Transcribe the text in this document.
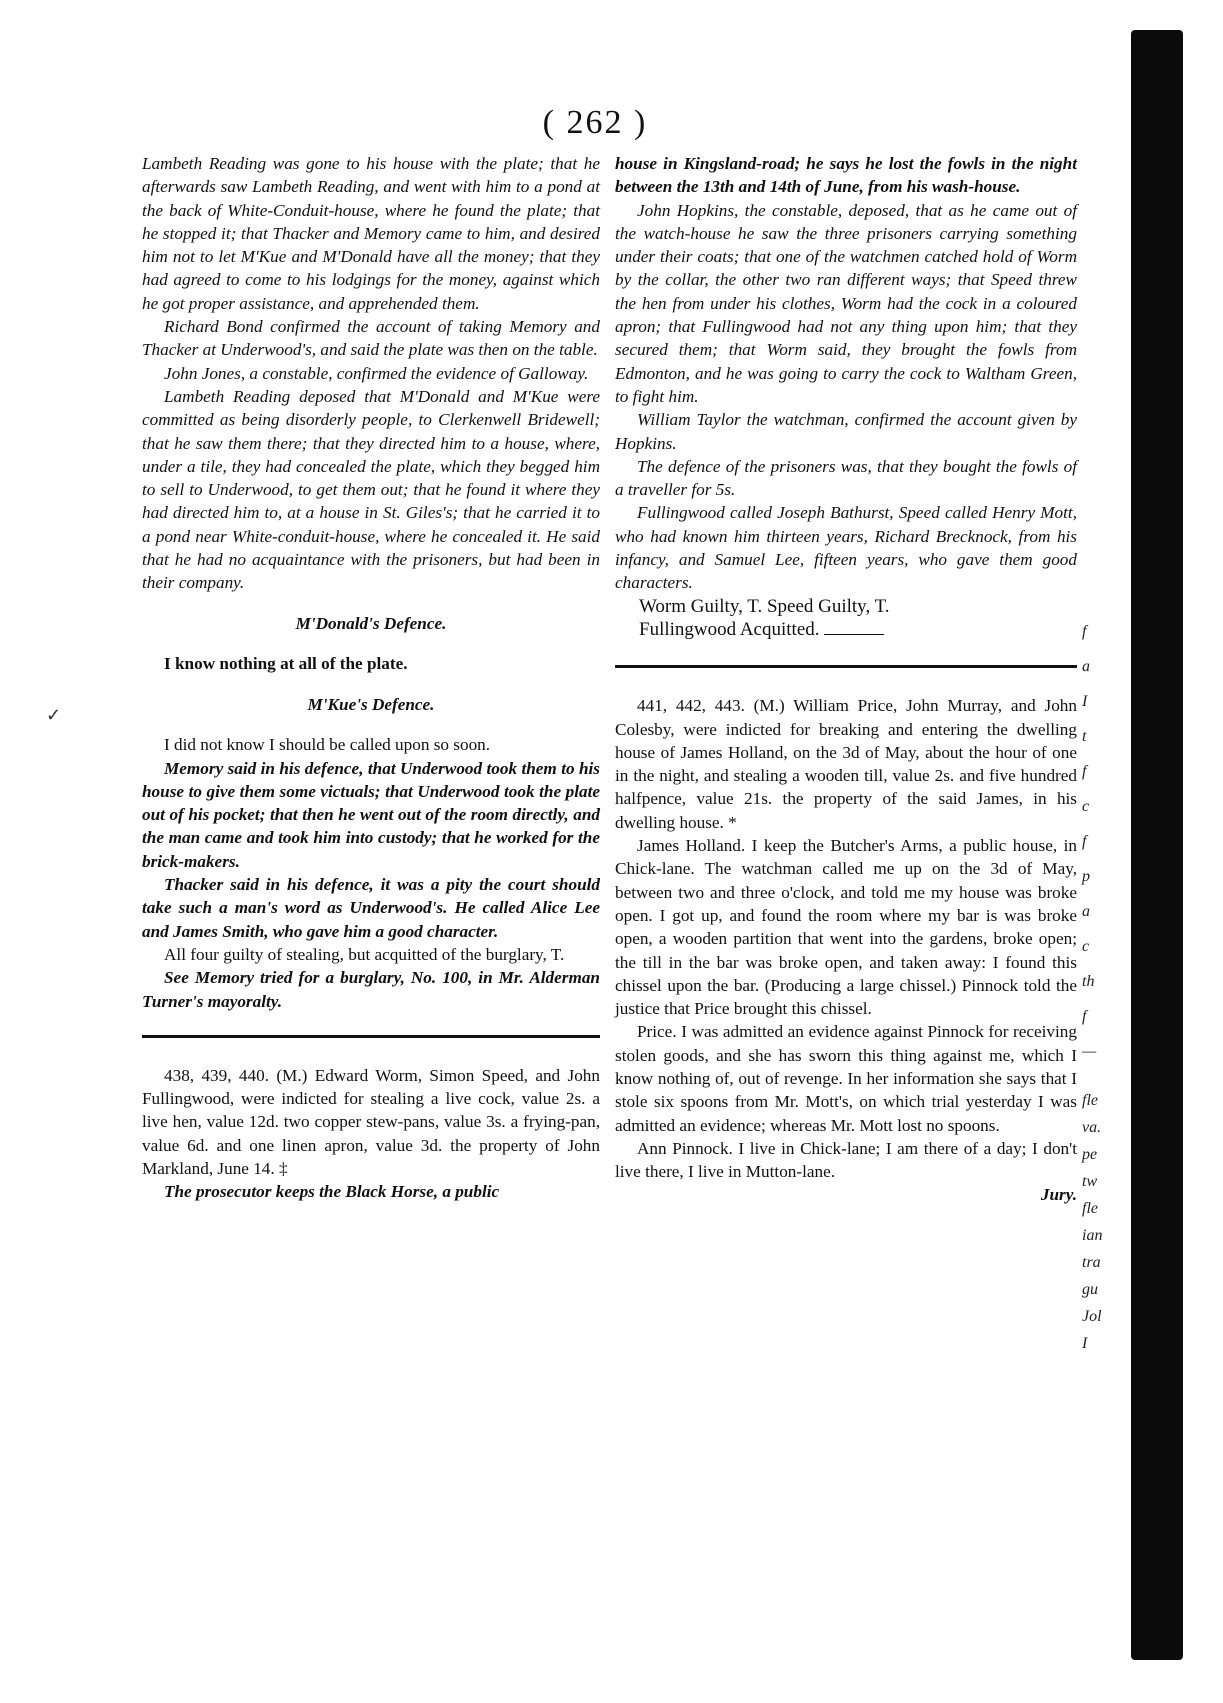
( 262 )

Lambeth Reading was gone to his house with the plate; that he afterwards saw Lambeth Reading, and went with him to a pond at the back of White-Conduit-house, where he found the plate; that he stopped it; that Thacker and Memory came to him, and desired him not to let M'Kue and M'Donald have all the money; that they had agreed to come to his lodgings for the money, against which he got proper assistance, and apprehended them.

Richard Bond confirmed the account of taking Memory and Thacker at Underwood's, and said the plate was then on the table.

John Jones, a constable, confirmed the evidence of Galloway.

Lambeth Reading deposed that M'Donald and M'Kue were committed as being disorderly people, to Clerkenwell Bridewell; that he saw them there; that they directed him to a house, where, under a tile, they had concealed the plate, which they begged him to sell to Underwood, to get them out; that he found it where they had directed him to, at a house in St. Giles's; that he carried it to a pond near White-conduit-house, where he concealed it. He said that he had no acquaintance with the prisoners, but had been in their company.

M'Donald's Defence.

I know nothing at all of the plate.

M'Kue's Defence.

I did not know I should be called upon so soon.

Memory said in his defence, that Underwood took them to his house to give them some victuals; that Underwood took the plate out of his pocket; that then he went out of the room directly, and the man came and took him into custody; that he worked for the brick-makers.

Thacker said in his defence, it was a pity the court should take such a man's word as Underwood's. He called Alice Lee and James Smith, who gave him a good character.

All four guilty of stealing, but acquitted of the burglary, T.

See Memory tried for a burglary, No. 100, in Mr. Alderman Turner's mayoralty.

438, 439, 440. (M.) Edward Worm, Simon Speed, and John Fullingwood, were indicted for stealing a live cock, value 2s. a live hen, value 12d. two copper stew-pans, value 3s. a frying-pan, value 6d. and one linen apron, value 3d. the property of John Markland, June 14. ‡

The prosecutor keeps the Black Horse, a public

house in Kingsland-road; he says he lost the fowls in the night between the 13th and 14th of June, from his wash-house.

John Hopkins, the constable, deposed, that as he came out of the watch-house he saw the three prisoners carrying something under their coats; that one of the watchmen catched hold of Worm by the collar, the other two ran different ways; that Speed threw the hen from under his clothes, Worm had the cock in a coloured apron; that Fullingwood had not any thing upon him; that they secured them; that Worm said, they brought the fowls from Edmonton, and he was going to carry the cock to Waltham Green, to fight him.

William Taylor the watchman, confirmed the account given by Hopkins.

The defence of the prisoners was, that they bought the fowls of a traveller for 5s.

Fullingwood called Joseph Bathurst, Speed called Henry Mott, who had known him thirteen years, Richard Brecknock, from his infancy, and Samuel Lee, fifteen years, who gave them good characters.

Worm Guilty, T. Speed Guilty, T.

Fullingwood Acquitted.

441, 442, 443. (M.) William Price, John Murray, and John Colesby, were indicted for breaking and entering the dwelling house of James Holland, on the 3d of May, about the hour of one in the night, and stealing a wooden till, value 2s. and five hundred halfpence, value 21s. the property of the said James, in his dwelling house. *

James Holland. I keep the Butcher's Arms, a public house, in Chick-lane. The watchman called me up on the 3d of May, between two and three o'clock, and told me my house was broke open. I got up, and found the room where my bar is was broke open, a wooden partition that went into the gardens, broke open; the till in the bar was broke open, and taken away: I found this chissel upon the bar. (Producing a large chissel.) Pinnock told the justice that Price brought this chissel.

Price. I was admitted an evidence against Pinnock for receiving stolen goods, and she has sworn this thing against me, which I know nothing of, out of revenge. In her information she says that I stole six spoons from Mr. Mott's, on which trial yesterday I was admitted an evidence; whereas Mr. Mott lost no spoons.

Ann Pinnock. I live in Chick-lane; I am there of a day; I don't live there, I live in Mutton-lane.

Jury.

f
a
I
t
f
c
f
p
a
c
th
f
—
fle
va.
pe
tw
fle
ian
tra
gu
Jol
I
✓
